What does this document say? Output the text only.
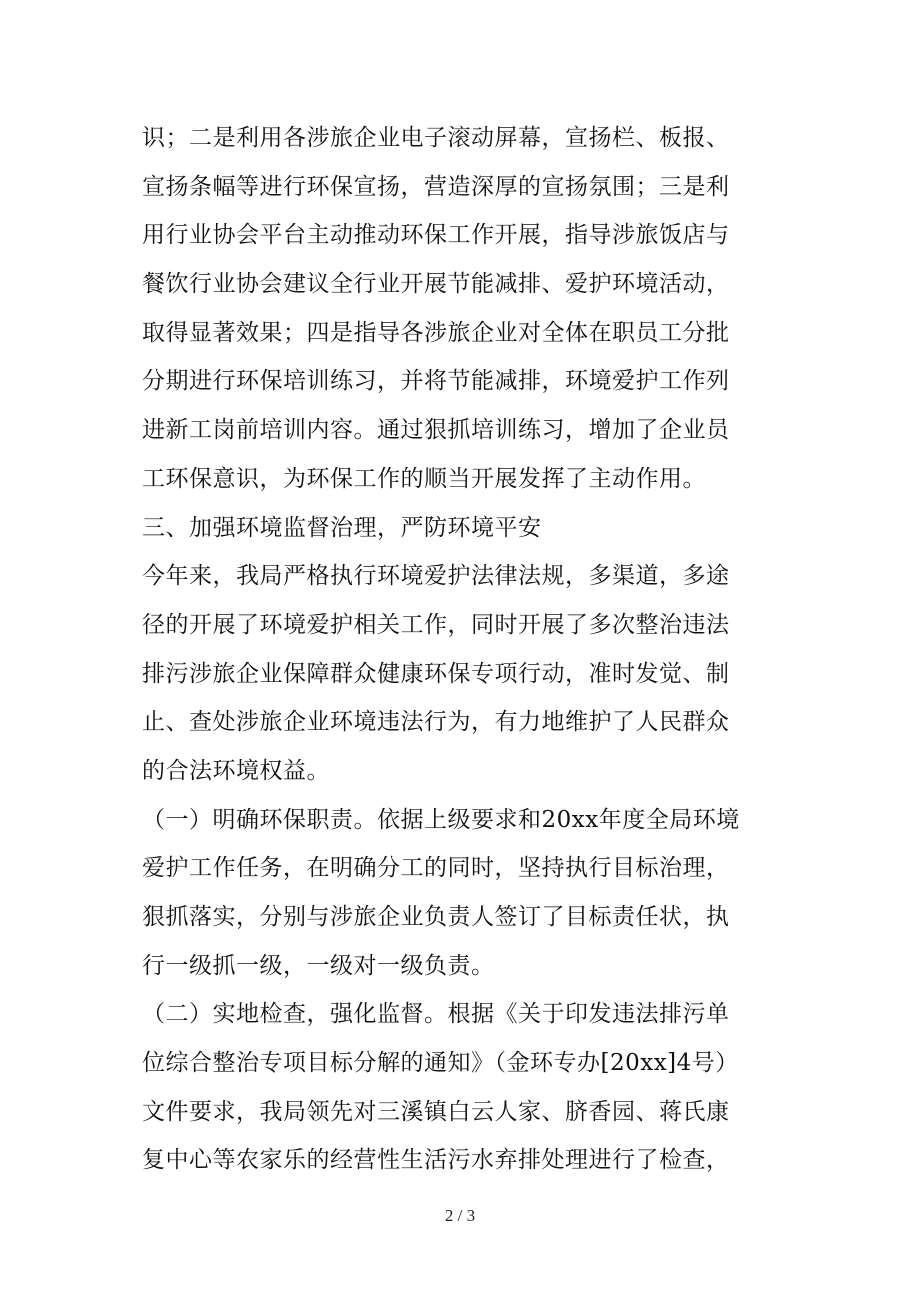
识；二是利用各涉旅企业电子滚动屏幕，宣扬栏、板报、
宣扬条幅等进行环保宣扬，营造深厚的宣扬氛围；三是利
用行业协会平台主动推动环保工作开展，指导涉旅饭店与
餐饮行业协会建议全行业开展节能减排、爱护环境活动，
取得显著效果；四是指导各涉旅企业对全体在职员工分批
分期进行环保培训练习，并将节能减排，环境爱护工作列
进新工岗前培训内容。通过狠抓培训练习，增加了企业员
工环保意识，为环保工作的顺当开展发挥了主动作用。
三、加强环境监督治理，严防环境平安
今年来，我局严格执行环境爱护法律法规，多渠道，多途
径的开展了环境爱护相关工作，同时开展了多次整治违法
排污涉旅企业保障群众健康环保专项行动，准时发觉、制
止、查处涉旅企业环境违法行为，有力地维护了人民群众
的合法环境权益。
（一）明确环保职责。依据上级要求和20xx年度全局环境
爱护工作任务，在明确分工的同时，坚持执行目标治理，
狠抓落实，分别与涉旅企业负责人签订了目标责任状，执
行一级抓一级，一级对一级负责。
（二）实地检查，强化监督。根据《关于印发违法排污单
位综合整治专项目标分解的通知》（金环专办[20xx]4号）
文件要求，我局领先对三溪镇白云人家、脐香园、蒋氏康
复中心等农家乐的经营性生活污水弃排处理进行了检查，
2 / 3
